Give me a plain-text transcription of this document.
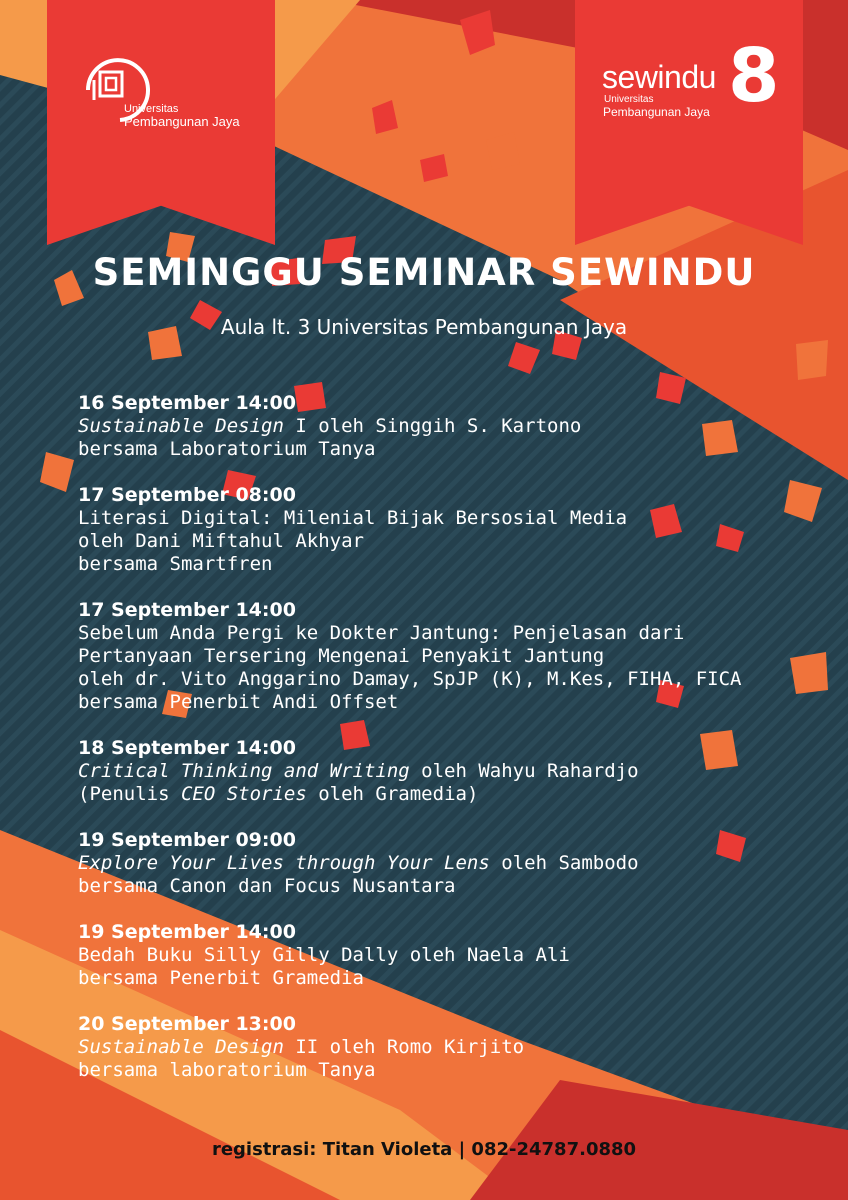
Universitas
Pembangunan Jaya
sewindu 8
Universitas
Pembangunan Jaya
SEMINGGU SEMINAR SEWINDU
Aula lt. 3 Universitas Pembangunan Jaya
16 September 14:00
Sustainable Design I oleh Singgih S. Kartono
bersama Laboratorium Tanya
17 September 08:00
Literasi Digital: Milenial Bijak Bersosial Media
oleh Dani Miftahul Akhyar
bersama Smartfren
17 September 14:00
Sebelum Anda Pergi ke Dokter Jantung: Penjelasan dari
Pertanyaan Tersering Mengenai Penyakit Jantung
oleh dr. Vito Anggarino Damay, SpJP (K), M.Kes, FIHA, FICA
bersama Penerbit Andi Offset
18 September 14:00
Critical Thinking and Writing oleh Wahyu Rahardjo
(Penulis CEO Stories oleh Gramedia)
19 September 09:00
Explore Your Lives through Your Lens oleh Sambodo
bersama Canon dan Focus Nusantara
19 September 14:00
Bedah Buku Silly Gilly Dally oleh Naela Ali
bersama Penerbit Gramedia
20 September 13:00
Sustainable Design II oleh Romo Kirjito
bersama laboratorium Tanya
registrasi: Titan Violeta | 082-24787.0880
